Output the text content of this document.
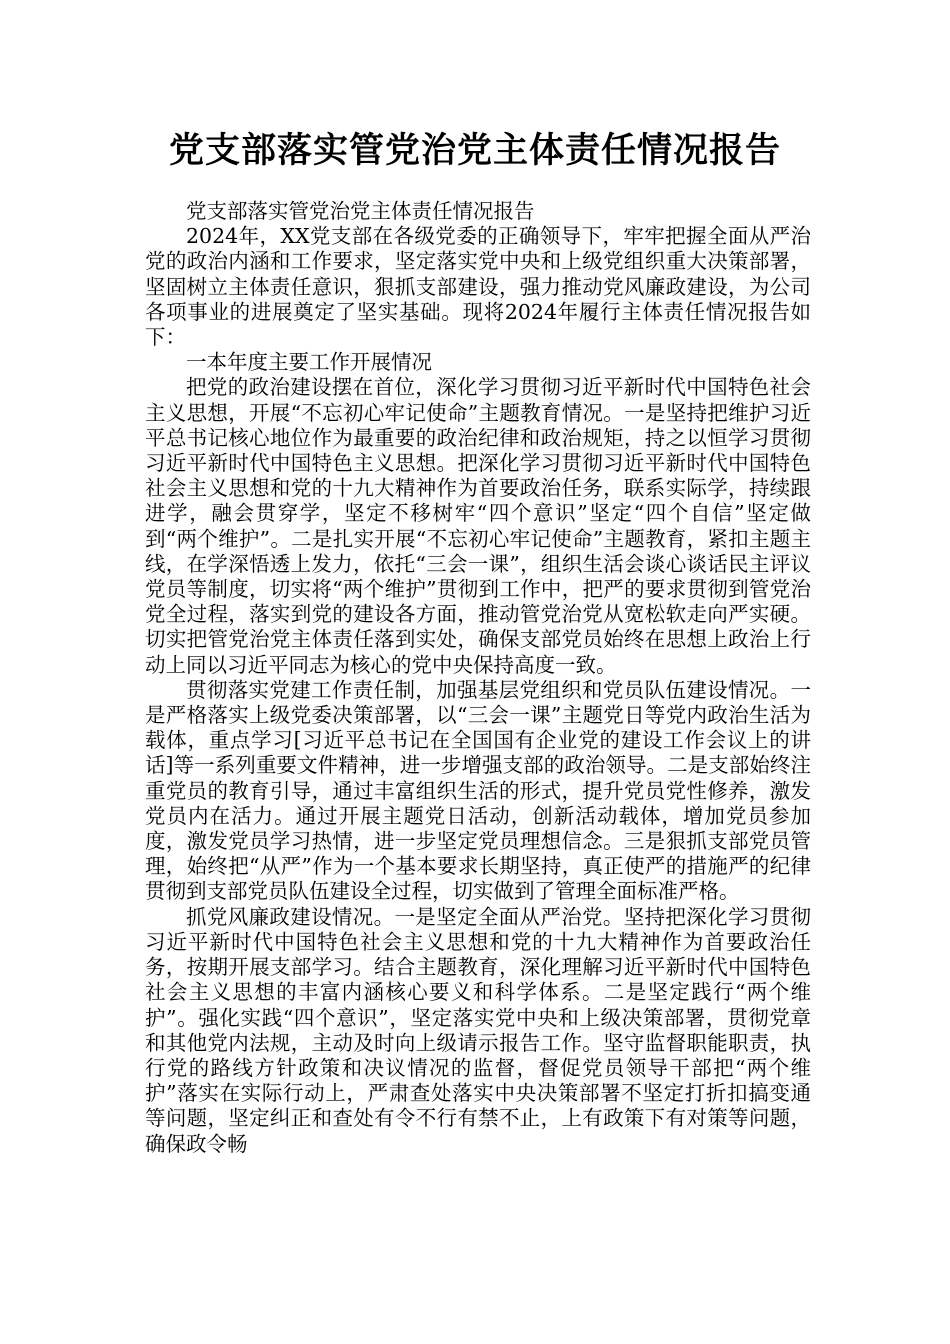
党支部落实管党治党主体责任情况报告

党支部落实管党治党主体责任情况报告

2024年，XX党支部在各级党委的正确领导下，牢牢把握全面从严治党的政治内涵和工作要求，坚定落实党中央和上级党组织重大决策部署，坚固树立主体责任意识，狠抓支部建设，强力推动党风廉政建设，为公司各项事业的进展奠定了坚实基础。现将2024年履行主体责任情况报告如下：

一本年度主要工作开展情况

把党的政治建设摆在首位，深化学习贯彻习近平新时代中国特色社会主义思想，开展“不忘初心牢记使命”主题教育情况。一是坚持把维护习近平总书记核心地位作为最重要的政治纪律和政治规矩，持之以恒学习贯彻习近平新时代中国特色主义思想。把深化学习贯彻习近平新时代中国特色社会主义思想和党的十九大精神作为首要政治任务，联系实际学，持续跟进学，融会贯穿学，坚定不移树牢“四个意识”坚定“四个自信”坚定做到“两个维护”。二是扎实开展“不忘初心牢记使命”主题教育，紧扣主题主线，在学深悟透上发力，依托“三会一课”，组织生活会谈心谈话民主评议党员等制度，切实将“两个维护”贯彻到工作中，把严的要求贯彻到管党治党全过程，落实到党的建设各方面，推动管党治党从宽松软走向严实硬。切实把管党治党主体责任落到实处，确保支部党员始终在思想上政治上行动上同以习近平同志为核心的党中央保持高度一致。

贯彻落实党建工作责任制，加强基层党组织和党员队伍建设情况。一是严格落实上级党委决策部署，以“三会一课”主题党日等党内政治生活为载体，重点学习[习近平总书记在全国国有企业党的建设工作会议上的讲话]等一系列重要文件精神，进一步增强支部的政治领导。二是支部始终注重党员的教育引导，通过丰富组织生活的形式，提升党员党性修养，激发党员内在活力。通过开展主题党日活动，创新活动载体，增加党员参加度，激发党员学习热情，进一步坚定党员理想信念。三是狠抓支部党员管理，始终把“从严”作为一个基本要求长期坚持，真正使严的措施严的纪律贯彻到支部党员队伍建设全过程，切实做到了管理全面标准严格。

抓党风廉政建设情况。一是坚定全面从严治党。坚持把深化学习贯彻习近平新时代中国特色社会主义思想和党的十九大精神作为首要政治任务，按期开展支部学习。结合主题教育，深化理解习近平新时代中国特色社会主义思想的丰富内涵核心要义和科学体系。二是坚定践行“两个维护”。强化实践“四个意识”，坚定落实党中央和上级决策部署，贯彻党章和其他党内法规，主动及时向上级请示报告工作。坚守监督职能职责，执行党的路线方针政策和决议情况的监督，督促党员领导干部把“两个维护”落实在实际行动上，严肃查处落实中央决策部署不坚定打折扣搞变通等问题，坚定纠正和查处有令不行有禁不止，上有政策下有对策等问题，确保政令畅
